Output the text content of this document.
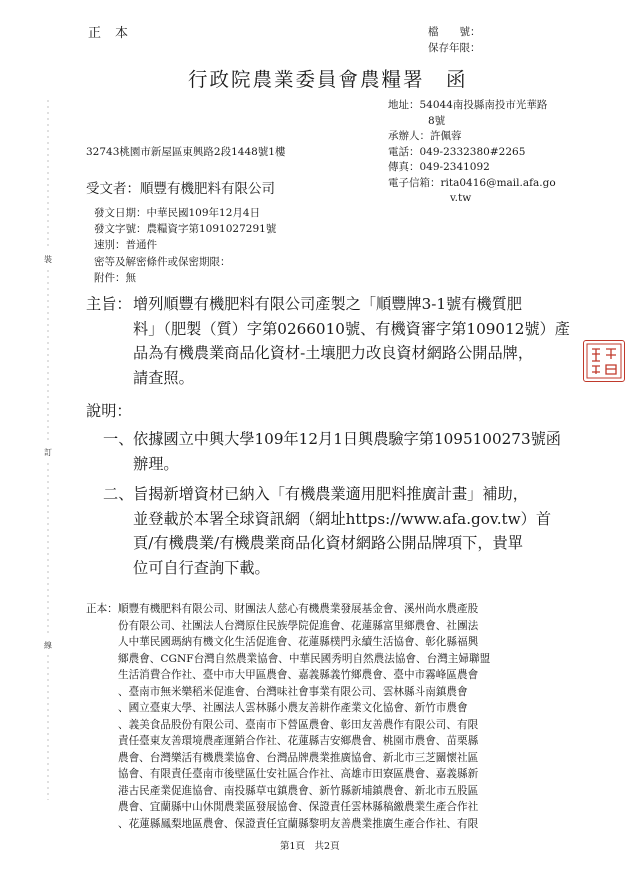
正本	檔　　號：
保存年限：
行政院農業委員會農糧署　函
地址：54044南投縣南投市光華路
8號
承辦人：許佩蓉
電話：049-2332380#2265
傳真：049-2341092
電子信箱：rita0416@mail.afa.go
v.tw
32743桃園市新屋區東興路2段1448號1樓
受文者：順豐有機肥料有限公司
發文日期：中華民國109年12月4日
發文字號：農糧資字第1091027291號
速別：普通件
密等及解密條件或保密期限：
附件：無
主旨： 增列順豐有機肥料有限公司產製之「順豐牌3-1號有機質肥
料」（肥製（質）字第0266010號、有機資審字第109012號）產
品為有機農業商品化資材-土壤肥力改良資材網路公開品牌，
請查照。
說明：
一、 依據國立中興大學109年12月1日興農驗字第1095100273號函
辦理。
二、 旨揭新增資材已納入「有機農業適用肥料推廣計畫」補助，
並登載於本署全球資訊網（網址https://www.afa.gov.tw）首
頁/有機農業/有機農業商品化資材網路公開品牌項下，貴單
位可自行查詢下載。
正本： 順豐有機肥料有限公司、財團法人慈心有機農業發展基金會、溪州尚水農產股
份有限公司、社團法人台灣原住民族學院促進會、花蓮縣富里鄉農會、社團法
人中華民國瑪納有機文化生活促進會、花蓮縣樸門永續生活協會、彰化縣福興
鄉農會、CGNF台灣自然農業協會、中華民國秀明自然農法協會、台灣主婦聯盟
生活消費合作社、臺中市大甲區農會、嘉義縣義竹鄉農會、臺中市霧峰區農會
、臺南市無米樂稻米促進會、台灣味社會事業有限公司、雲林縣斗南鎮農會
、國立臺東大學、社團法人雲林縣小農友善耕作產業文化協會、新竹市農會
、義美食品股份有限公司、臺南市下營區農會、彰田友善農作有限公司、有限
責任臺東友善環境農產運銷合作社、花蓮縣吉安鄉農會、桃園市農會、苗栗縣
農會、台灣樂活有機農業協會、台灣品牌農業推廣協會、新北市三芝關懷社區
協會、有限責任臺南市後壁區仕安社區合作社、高雄市田寮區農會、嘉義縣新
港古民產業促進協會、南投縣草屯鎮農會、新竹縣新埔鎮農會、新北市五股區
農會、宜蘭縣中山休閒農業區發展協會、保證責任雲林縣稿繳農業生產合作社
、花蓮縣鳳梨地區農會、保證責任宜蘭縣黎明友善農業推廣生產合作社、有限
第1頁　共2頁
裝
訂
線
